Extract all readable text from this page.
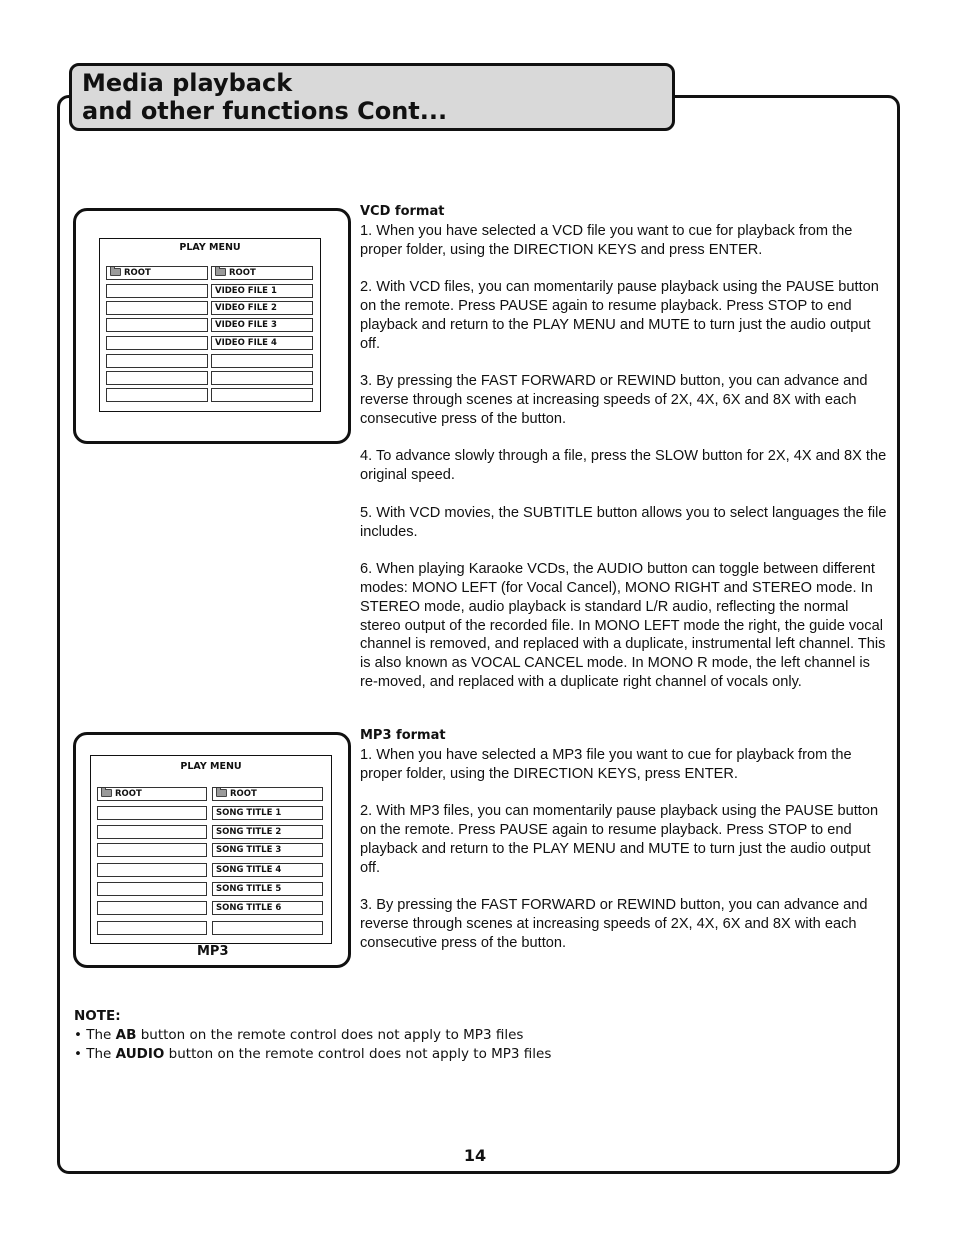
Media playback
and other functions Cont...
PLAY MENU
ROOT	ROOT
VIDEO FILE 1
VIDEO FILE 2
VIDEO FILE 3
VIDEO FILE 4
PLAY MENU
ROOT	ROOT
SONG TITLE 1
SONG TITLE 2
SONG TITLE 3
SONG TITLE 4
SONG TITLE 5
SONG TITLE 6
MP3
VCD format

1. When you have selected a VCD file you want to cue for playback from the proper folder, using the DIRECTION KEYS and press ENTER.

2. With VCD files, you can momentarily pause playback using the PAUSE button on the remote. Press PAUSE again to resume playback. Press STOP to end playback and return to the PLAY MENU and MUTE to turn just the audio output off.

3. By pressing the FAST FORWARD or REWIND button, you can advance and reverse through scenes at increasing speeds of 2X, 4X, 6X and 8X with each consecutive press of the button.

4. To advance slowly through a file, press the SLOW button for 2X, 4X and 8X the original speed.

5. With VCD movies, the SUBTITLE button allows you to select languages the file includes.

6. When playing Karaoke VCDs, the AUDIO button can toggle between different modes: MONO LEFT (for Vocal Cancel), MONO RIGHT and STEREO mode. In STEREO mode, audio playback is standard L/R audio, reflecting the normal stereo output of the recorded file. In MONO LEFT mode the right, the guide vocal channel is removed, and replaced with a duplicate, instrumental left channel. This is also known as VOCAL CANCEL mode. In MONO R mode, the left channel is re-moved, and replaced with a duplicate right channel of vocals only.

MP3 format

1. When you have selected a MP3 file you want to cue for playback from the proper folder, using the DIRECTION KEYS, press ENTER.

2. With MP3 files, you can momentarily pause playback using the PAUSE button on the remote. Press PAUSE again to resume playback. Press STOP to end playback and return to the PLAY MENU and MUTE to turn just the audio output off.

3. By pressing the FAST FORWARD or REWIND button, you can advance and reverse through scenes at increasing speeds of 2X, 4X, 6X and 8X with each consecutive press of the button.

NOTE:
• The AB button on the remote control does not apply to MP3 files
• The AUDIO button on the remote control does not apply to MP3 files
14
